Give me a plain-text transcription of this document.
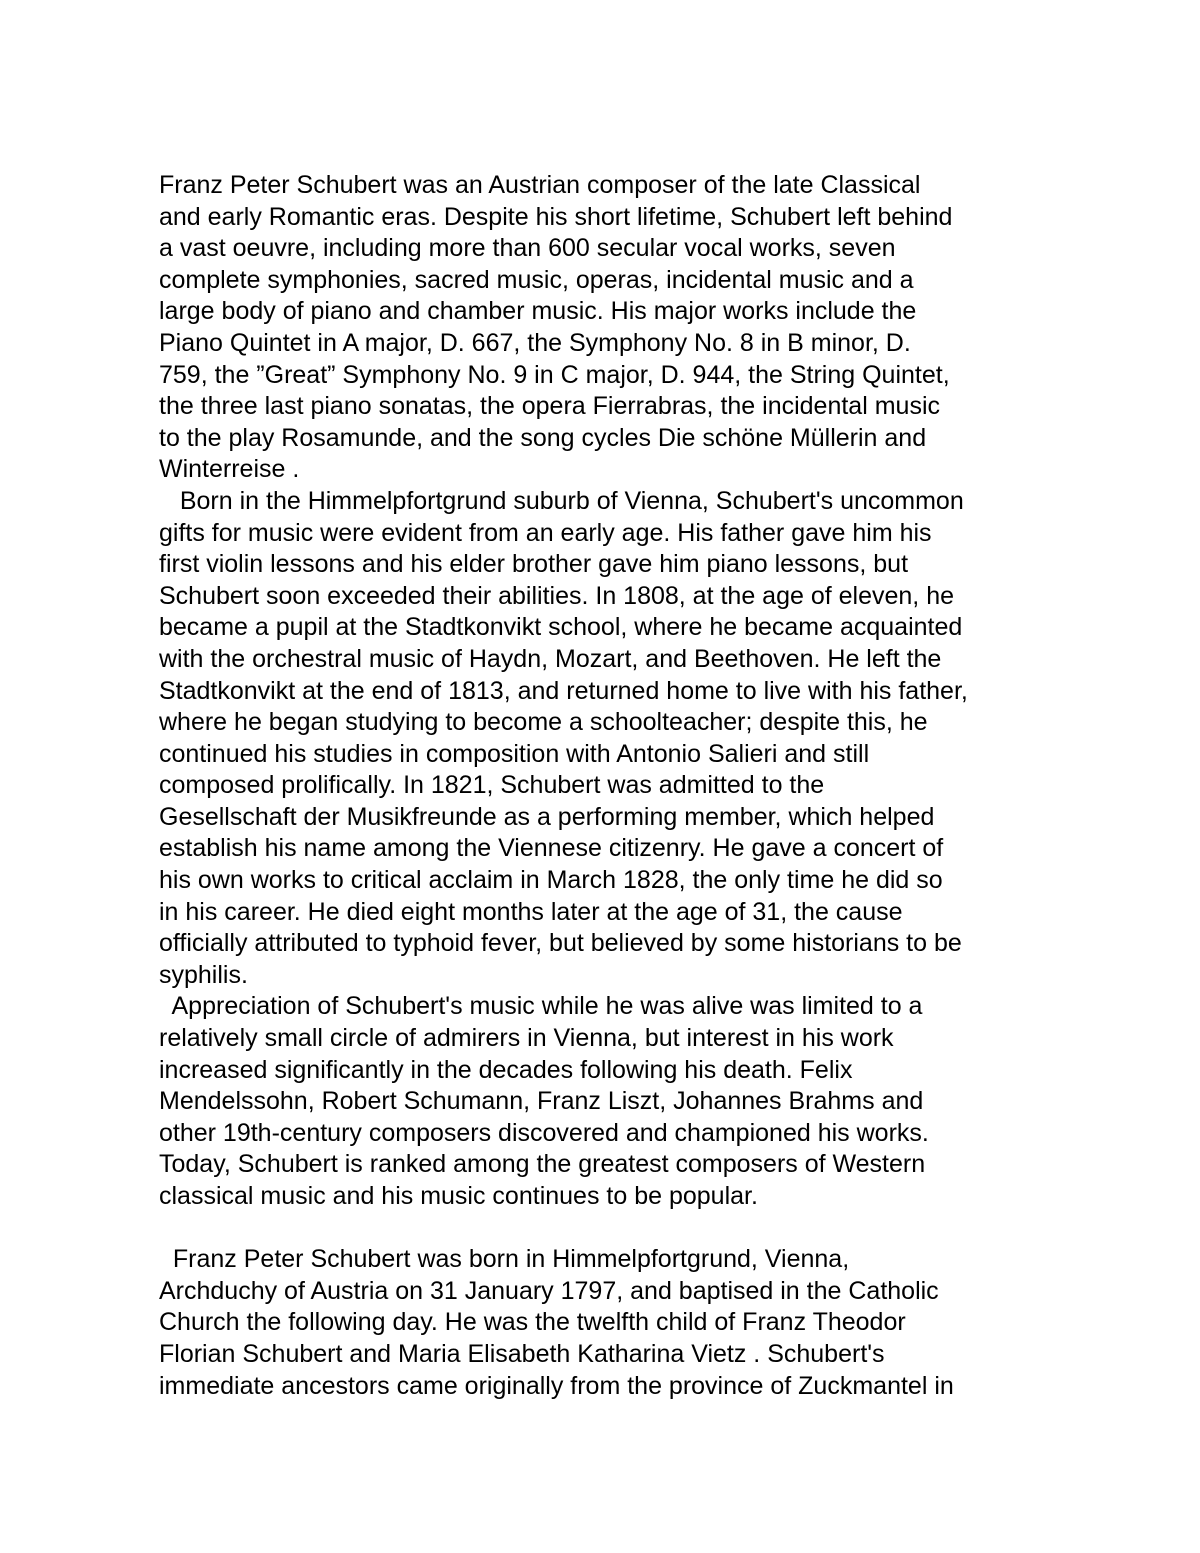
Franz Peter Schubert was an Austrian composer of the late Classical
and early Romantic eras. Despite his short lifetime, Schubert left behind
a vast oeuvre, including more than 600 secular vocal works, seven
complete symphonies, sacred music, operas, incidental music and a
large body of piano and chamber music. His major works include the
Piano Quintet in A major, D. 667, the Symphony No. 8 in B minor, D.
759, the ”Great” Symphony No. 9 in C major, D. 944, the String Quintet,
the three last piano sonatas, the opera Fierrabras, the incidental music
to the play Rosamunde, and the song cycles Die schöne Müllerin and
Winterreise .
Born in the Himmelpfortgrund suburb of Vienna, Schubert's uncommon
gifts for music were evident from an early age. His father gave him his
first violin lessons and his elder brother gave him piano lessons, but
Schubert soon exceeded their abilities. In 1808, at the age of eleven, he
became a pupil at the Stadtkonvikt school, where he became acquainted
with the orchestral music of Haydn, Mozart, and Beethoven. He left the
Stadtkonvikt at the end of 1813, and returned home to live with his father,
where he began studying to become a schoolteacher; despite this, he
continued his studies in composition with Antonio Salieri and still
composed prolifically. In 1821, Schubert was admitted to the
Gesellschaft der Musikfreunde as a performing member, which helped
establish his name among the Viennese citizenry. He gave a concert of
his own works to critical acclaim in March 1828, the only time he did so
in his career. He died eight months later at the age of 31, the cause
officially attributed to typhoid fever, but believed by some historians to be
syphilis.
Appreciation of Schubert's music while he was alive was limited to a
relatively small circle of admirers in Vienna, but interest in his work
increased significantly in the decades following his death. Felix
Mendelssohn, Robert Schumann, Franz Liszt, Johannes Brahms and
other 19th-century composers discovered and championed his works.
Today, Schubert is ranked among the greatest composers of Western
classical music and his music continues to be popular.
Franz Peter Schubert was born in Himmelpfortgrund, Vienna,
Archduchy of Austria on 31 January 1797, and baptised in the Catholic
Church the following day. He was the twelfth child of Franz Theodor
Florian Schubert and Maria Elisabeth Katharina Vietz . Schubert's
immediate ancestors came originally from the province of Zuckmantel in
